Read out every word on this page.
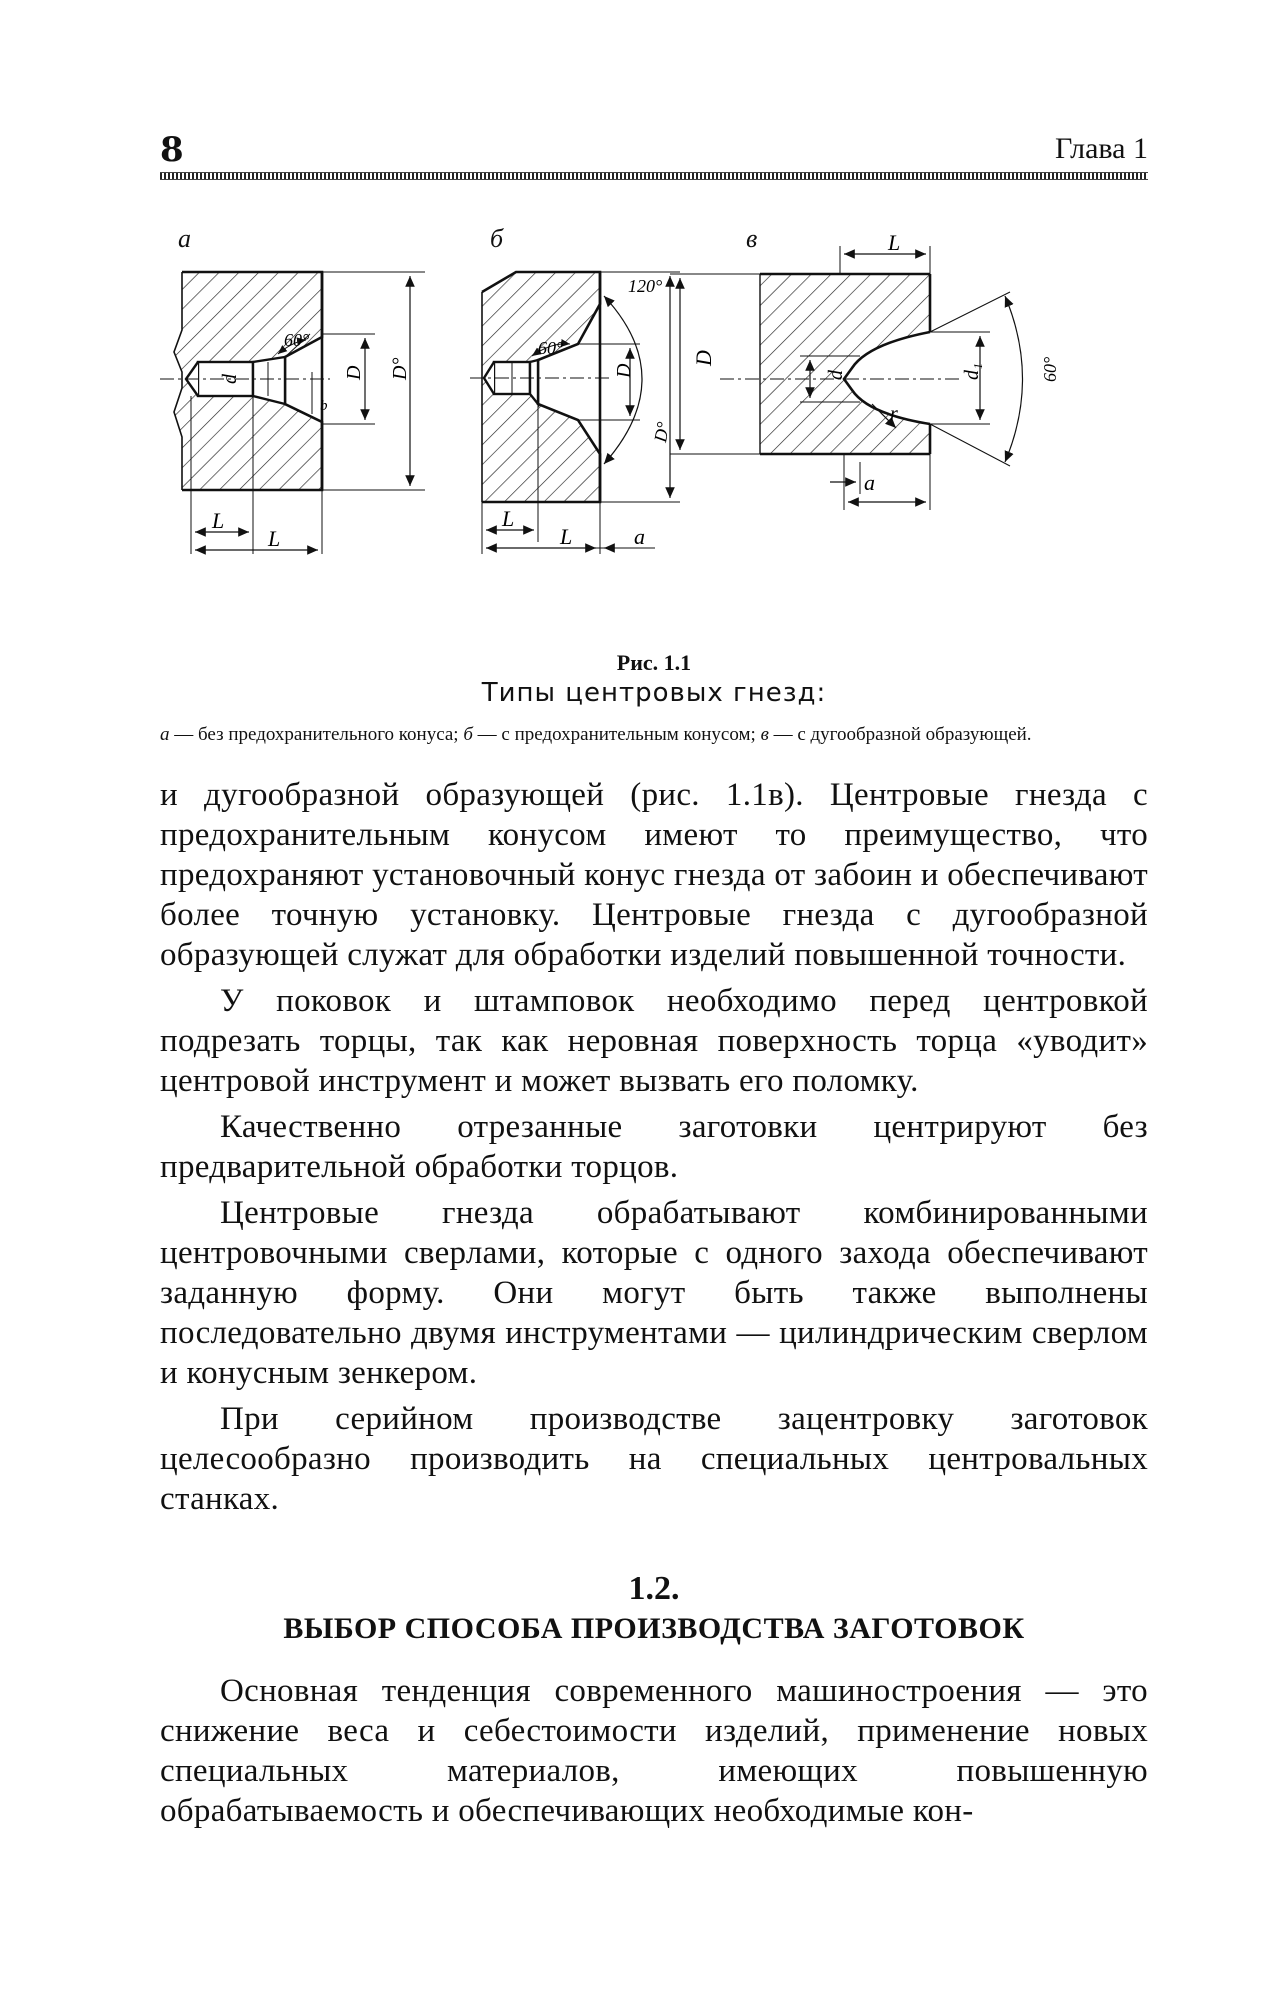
8	Глава 1
а	б	в
60°
d
b
D D°
L
L
60°
120°
D
D°
L
L	a
L
D
d	d₁	60°
r
a
Рис. 1.1
Типы центровых гнезд:
а — без предохранительного конуса; б — с предохранительным конусом; в — с дугообразной образующей.

и дугообразной образующей (рис. 1.1в). Центровые гнезда с предохранительным конусом имеют то преимущество, что предохраняют установочный конус гнезда от забоин и обеспечивают более точную установку. Центровые гнезда с дугообразной образующей служат для обработки изделий повышенной точности.

У поковок и штамповок необходимо перед центровкой подрезать торцы, так как неровная поверхность торца «уводит» центровой инструмент и может вызвать его поломку.

Качественно отрезанные заготовки центрируют без предварительной обработки торцов.

Центровые гнезда обрабатывают комбинированными центровочными сверлами, которые с одного захода обеспечивают заданную форму. Они могут быть также выполнены последовательно двумя инструментами — цилиндрическим сверлом и конусным зенкером.

При серийном производстве зацентровку заготовок целесообразно производить на специальных центровальных станках.

1.2.
ВЫБОР СПОСОБА ПРОИЗВОДСТВА ЗАГОТОВОК

Основная тенденция современного машиностроения — это снижение веса и себестоимости изделий, применение новых специальных материалов, имеющих повышенную обрабатываемость и обеспечивающих необходимые кон-
